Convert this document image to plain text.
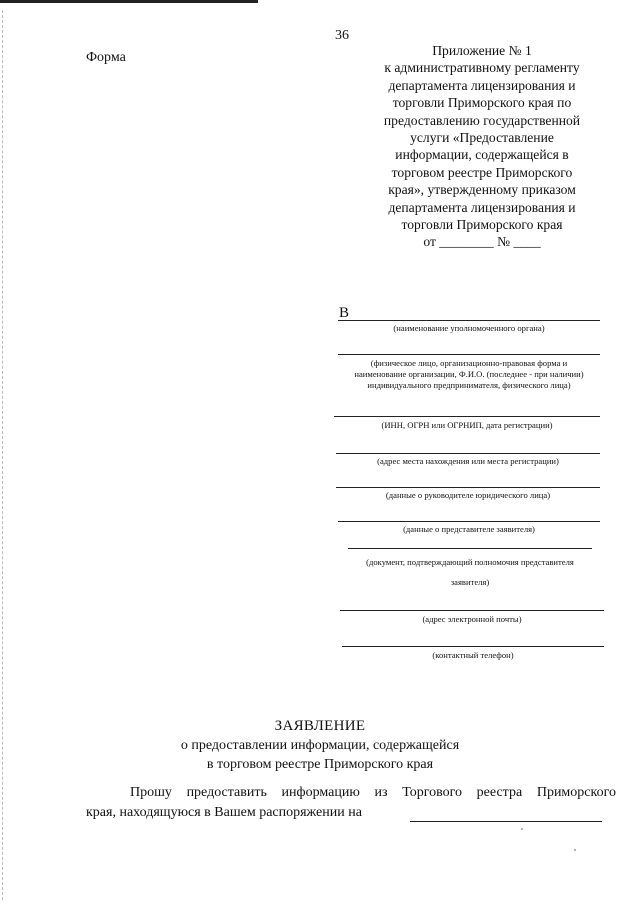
36
Форма	Приложение № 1
к административному регламенту
департамента лицензирования и
торговли Приморского края по
предоставлению государственной
услуги «Предоставление
информации, содержащейся в
торговом реестре Приморского
края», утвержденному приказом
департамента лицензирования и
торговли Приморского края
от ________ № ____
В
(наименование уполномоченного органа)
(физическое лицо, организационно-правовая форма и наименование организации, Ф.И.О. (последнее - при наличии) индивидуального предпринимателя, физического лица)
(ИНН, ОГРН или ОГРНИП, дата регистрации)
(адрес места нахождения или места регистрации)
(данные о руководителе юридического лица)
(данные о представителе заявителя)
(документ, подтверждающий полномочия представителя
заявителя)
(адрес электронной почты)
(контактный телефон)
ЗАЯВЛЕНИЕ
о предоставлении информации, содержащейся
в торговом реестре Приморского края
Прошу предоставить информацию из Торгового реестра Приморского
края, находящуюся в Вашем распоряжении на
